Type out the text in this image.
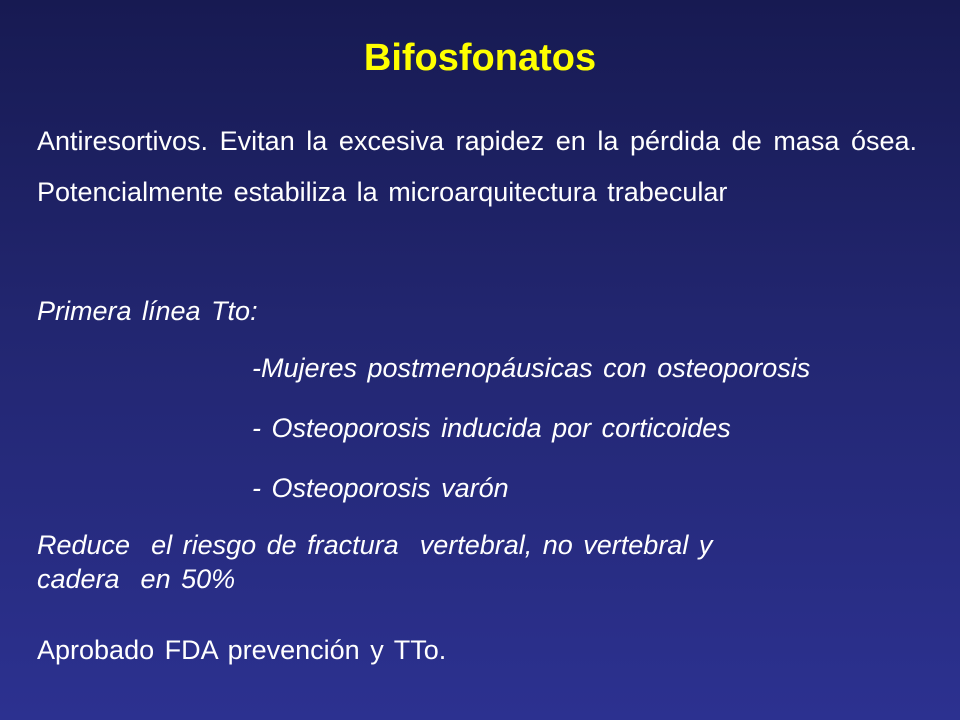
Bifosfonatos

Antiresortivos. Evitan la excesiva rapidez en la pérdida de masa ósea. Potencialmente estabiliza la microarquitectura trabecular

Primera línea Tto:

-Mujeres postmenopáusicas con osteoporosis

- Osteoporosis inducida por corticoides

- Osteoporosis varón

Reduce  el riesgo de fractura  vertebral, no vertebral y
cadera  en 50%

Aprobado FDA prevención y TTo.
